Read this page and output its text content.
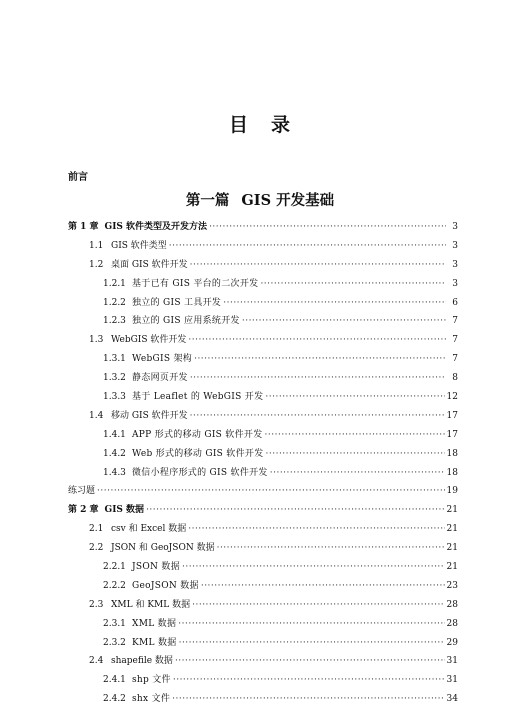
目 录
前言
第一篇 GIS 开发基础
第 1 章 GIS 软件类型及开发方法 ·····	3
1.1 GIS 软件类型 ·····	3
1.2 桌面 GIS 软件开发 ·····	3
1.2.1 基于已有 GIS 平台的二次开发 ·····	3
1.2.2 独立的 GIS 工具开发 ·····	6
1.2.3 独立的 GIS 应用系统开发 ·····	7
1.3 WebGIS 软件开发 ·····	7
1.3.1 WebGIS 架构 ·····	7
1.3.2 静态网页开发 ·····	8
1.3.3 基于 Leaflet 的 WebGIS 开发 ·····	12
1.4 移动 GIS 软件开发 ·····	17
1.4.1 APP 形式的移动 GIS 软件开发 ·····	17
1.4.2 Web 形式的移动 GIS 软件开发 ·····	18
1.4.3 微信小程序形式的 GIS 软件开发 ·····	18
练习题 ·····	19
第 2 章 GIS 数据 ·····	21
2.1 csv 和 Excel 数据 ·····	21
2.2 JSON 和 GeoJSON 数据 ·····	21
2.2.1 JSON 数据 ·····	21
2.2.2 GeoJSON 数据 ·····	23
2.3 XML 和 KML 数据 ·····	28
2.3.1 XML 数据 ·····	28
2.3.2 KML 数据 ·····	29
2.4 shapefile 数据 ·····	31
2.4.1 shp 文件 ·····	31
2.4.2 shx 文件 ·····	34
